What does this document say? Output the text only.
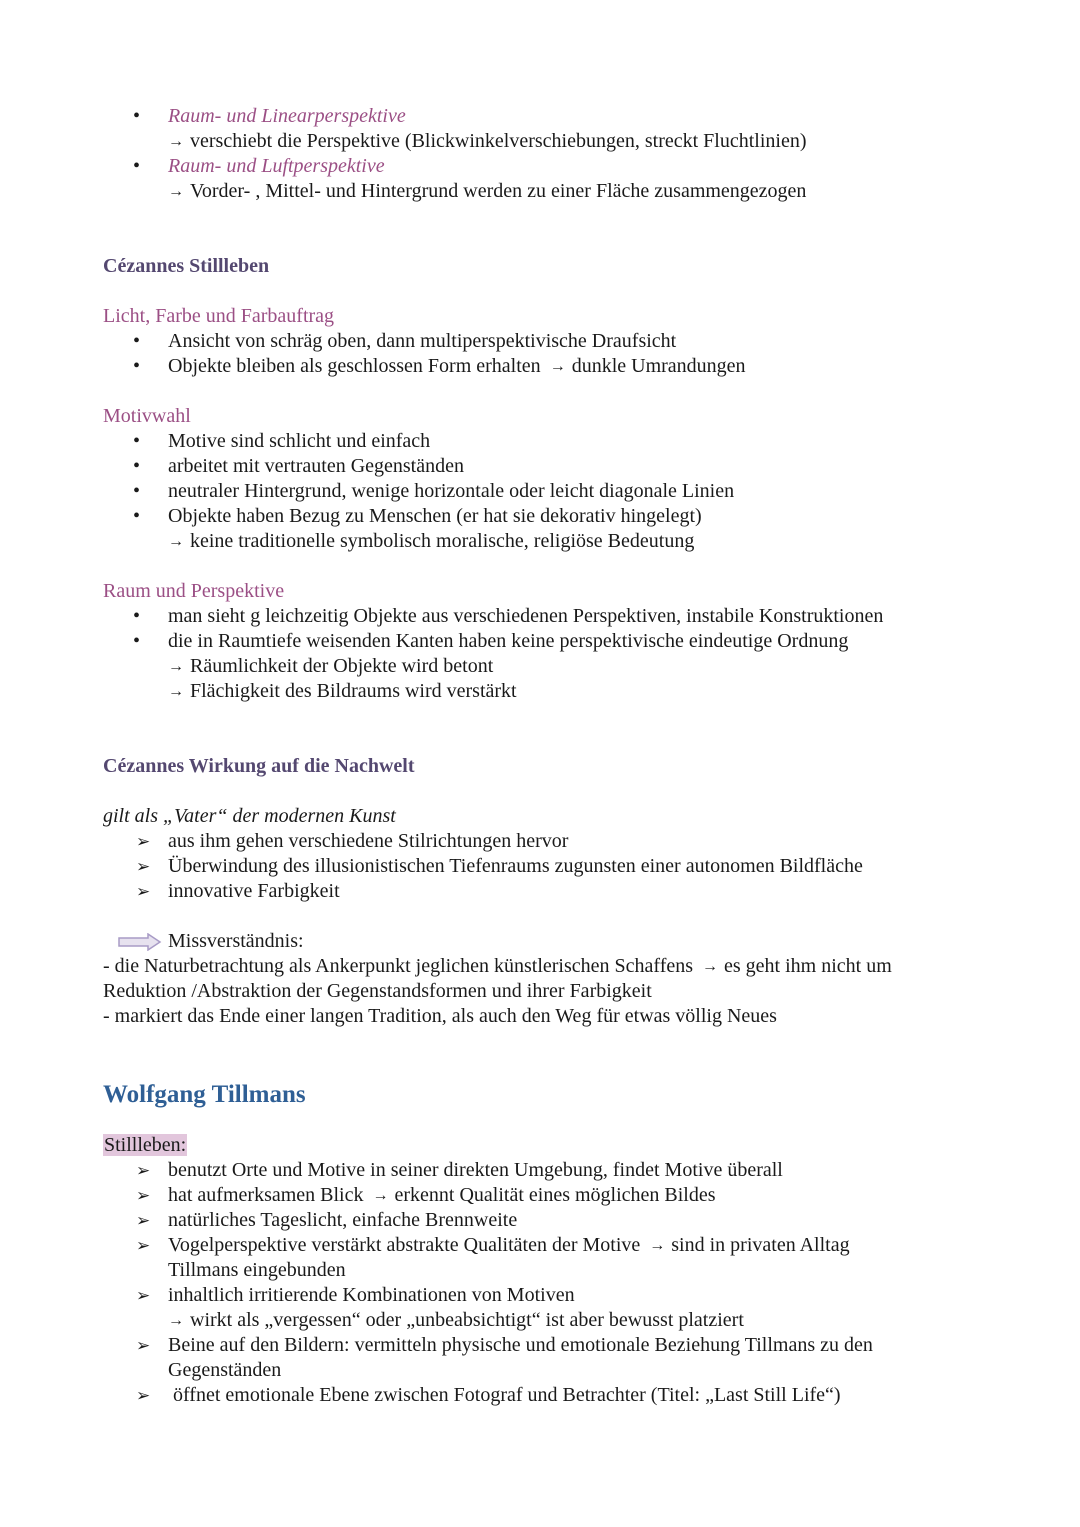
• Raum- und Linearperspektive
→ verschiebt die Perspektive (Blickwinkelverschiebungen, streckt Fluchtlinien)
• Raum- und Luftperspektive
→ Vorder- , Mittel- und Hintergrund werden zu einer Fläche zusammengezogen
Cézannes Stillleben
Licht, Farbe und Farbauftrag
• Ansicht von schräg oben, dann multiperspektivische Draufsicht
• Objekte bleiben als geschlossen Form erhalten → dunkle Umrandungen
Motivwahl
• Motive sind schlicht und einfach
• arbeitet mit vertrauten Gegenständen
• neutraler Hintergrund, wenige horizontale oder leicht diagonale Linien
• Objekte haben Bezug zu Menschen (er hat sie dekorativ hingelegt)
→ keine traditionelle symbolisch moralische, religiöse Bedeutung
Raum und Perspektive
• man sieht g leichzeitig Objekte aus verschiedenen Perspektiven, instabile Konstruktionen
• die in Raumtiefe weisenden Kanten haben keine perspektivische eindeutige Ordnung
→ Räumlichkeit der Objekte wird betont
→ Flächigkeit des Bildraums wird verstärkt
Cézannes Wirkung auf die Nachwelt
gilt als „Vater“ der modernen Kunst
➢ aus ihm gehen verschiedene Stilrichtungen hervor
➢ Überwindung des illusionistischen Tiefenraums zugunsten einer autonomen Bildfläche
➢ innovative Farbigkeit
Missverständnis:
- die Naturbetrachtung als Ankerpunkt jeglichen künstlerischen Schaffens → es geht ihm nicht um
Reduktion /Abstraktion der Gegenstandsformen und ihrer Farbigkeit
- markiert das Ende einer langen Tradition, als auch den Weg für etwas völlig Neues
Wolfgang Tillmans
Stillleben:
➢ benutzt Orte und Motive in seiner direkten Umgebung, findet Motive überall
➢ hat aufmerksamen Blick → erkennt Qualität eines möglichen Bildes
➢ natürliches Tageslicht, einfache Brennweite
➢ Vogelperspektive verstärkt abstrakte Qualitäten der Motive → sind in privaten Alltag
Tillmans eingebunden
➢ inhaltlich irritierende Kombinationen von Motiven
→ wirkt als „vergessen“ oder „unbeabsichtigt“ ist aber bewusst platziert
➢ Beine auf den Bildern: vermitteln physische und emotionale Beziehung Tillmans zu den
Gegenständen
➢ öffnet emotionale Ebene zwischen Fotograf und Betrachter (Titel: „Last Still Life“)
